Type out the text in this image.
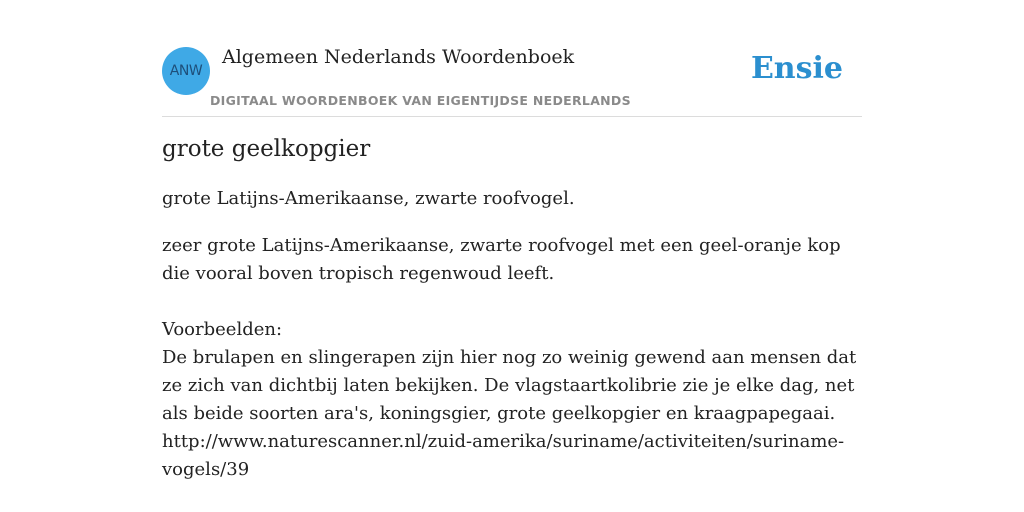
ANW
Algemeen Nederlands Woordenboek
DIGITAAL WOORDENBOEK VAN EIGENTIJDSE NEDERLANDS
Ensie
grote geelkopgier

grote Latijns-Amerikaanse, zwarte roofvogel.

zeer grote Latijns-Amerikaanse, zwarte roofvogel met een geel-oranje kop die vooral boven tropisch regenwoud leeft.

Voorbeelden:

De brulapen en slingerapen zijn hier nog zo weinig gewend aan mensen dat ze zich van dichtbij laten bekijken. De vlagstaartkolibrie zie je elke dag, net als beide soorten ara's, koningsgier, grote geelkopgier en kraagpapegaai. http://www.naturescanner.nl/zuid-amerika/suriname/activiteiten/suriname-vogels/39
